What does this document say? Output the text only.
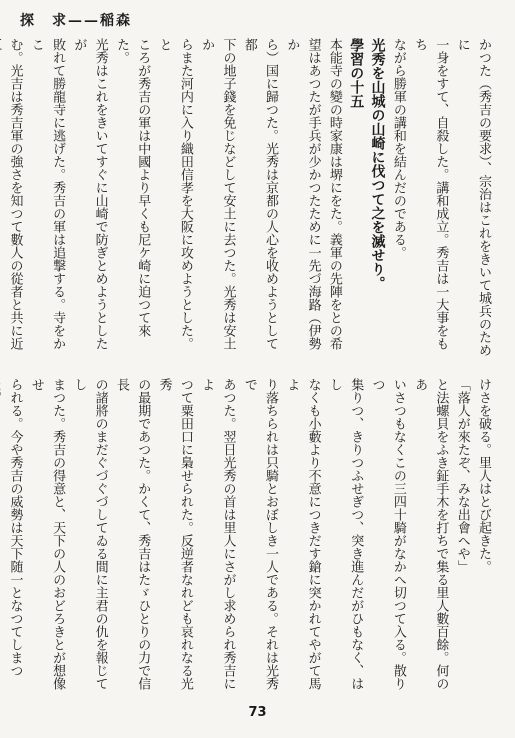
探　求——稲森
かつた（秀吉の要求）、宗治はこれをきいて城兵のために
一身をすて、自殺した。講和成立。秀吉は一大事をもち
ながら勝軍の講和を結んだのである。
光秀を山城の山崎に伐つて之を滅せり。
學習の十五
本能寺の變の時家康は堺にをた。義軍の先陣をとの希
望はあつたが手兵が少かつたために一先づ海路（伊勢か
ら）国に歸つた。光秀は京都の人心を收めようとして都
下の地子錢を免じなどして安土に去つた。光秀は安土か
らまた河内に入り織田信孝を大阪に攻めようとした。と
ころが秀吉の軍は中國より早くも尼ケ崎に迫つて來た。
光秀はこれをきいてすぐに山崎で防ぎとめようとしたが
敗れて勝龍寺に逃げた。秀吉の軍は追撃する。寺をかこ
む。光吉は秀吉軍の強さを知つて數人の從者と共に近
けさを破る。里人はとび起きた。
「落人が來たぞ、みな出會へや」
と法螺貝をふき鉦手木を打ちで集る里人數百餘。何のあ
いさつもなくこの三四十騎がなかへ切つて入る。散りつ
集りつ、きりつふせぎつ、突き進んだがひもなく、はし
なくも小藪より不意につきだす鎗に突かれてやがて馬よ
り落ちられは只騎とおぼしき一人である。それは光秀で
あつた。翌日光秀の首は里人にさがし求められ秀吉によ
つて粟田口に梟せられた。反逆者なれども哀れなる光秀
の最期であつた。かくて、秀吉はたゞひとりの力で信長
の諸將のまだぐづぐづしてゐる間に主君の仇を報じてし
まつた。秀吉の得意と、天下の人のおどろきとが想像せ
られる。今や秀吉の威勢は天下随一となつてしまつ
73
